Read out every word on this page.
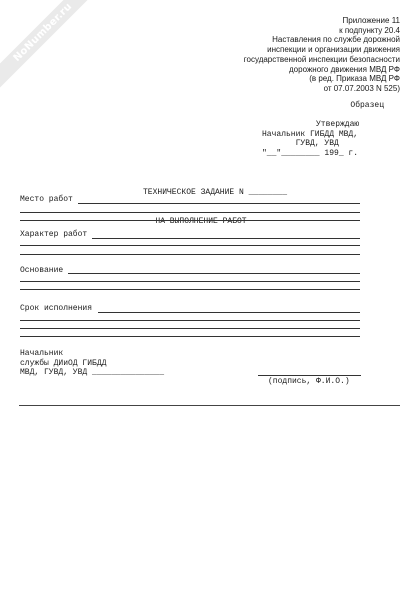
NoNumber.ru	Приложение 11
к подпункту 20.4
Наставления по службе дорожной
инспекции и организации движения
государственной инспекции безопасности
дорожного движения МВД РФ
(в ред. Приказа МВД РФ
от 07.07.2003 N 525)
Образец
Утверждаю
Начальник ГИБДД МВД,
ГУВД, УВД
"__"________ 199_ г.

ТЕХНИЧЕСКОЕ ЗАДАНИЕ N ________

НА ВЫПОЛНЕНИЕ РАБОТ

Место работ
Характер работ
Основание
Срок исполнения
Начальник
службы ДИиОД ГИБДД
МВД, ГУВД, УВД _______________
(подпись, Ф.И.О.)
